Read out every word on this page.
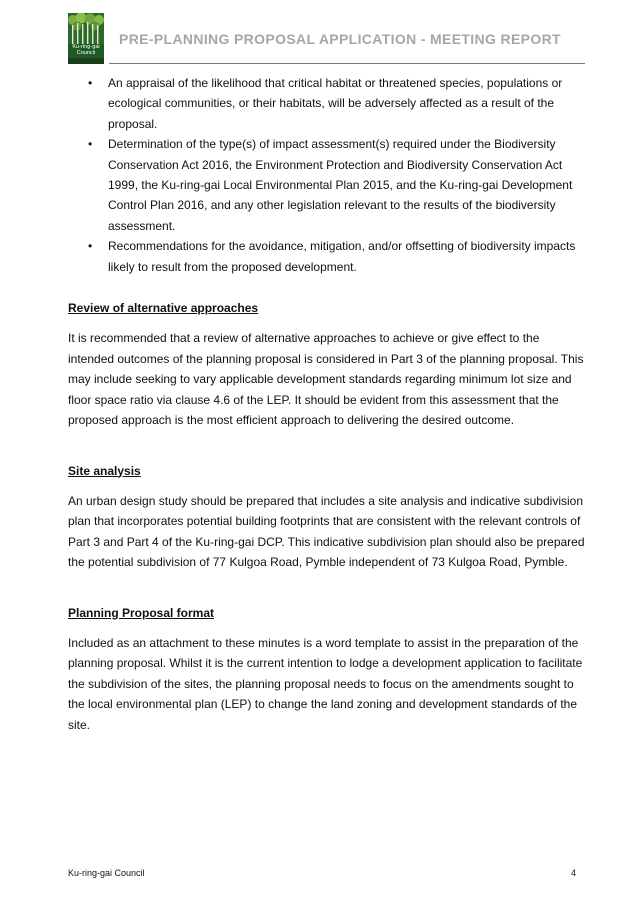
Ku-ring-gai
Council
PRE-PLANNING PROPOSAL APPLICATION - MEETING REPORT
• An appraisal of the likelihood that critical habitat or threatened species, populations or ecological communities, or their habitats, will be adversely affected as a result of the proposal.
• Determination of the type(s) of impact assessment(s) required under the Biodiversity Conservation Act 2016, the Environment Protection and Biodiversity Conservation Act 1999, the Ku-ring-gai Local Environmental Plan 2015, and the Ku-ring-gai Development Control Plan 2016, and any other legislation relevant to the results of the biodiversity assessment.
• Recommendations for the avoidance, mitigation, and/or offsetting of biodiversity impacts likely to result from the proposed development.

Review of alternative approaches

It is recommended that a review of alternative approaches to achieve or give effect to the intended outcomes of the planning proposal is considered in Part 3 of the planning proposal. This may include seeking to vary applicable development standards regarding minimum lot size and floor space ratio via clause 4.6 of the LEP. It should be evident from this assessment that the proposed approach is the most efficient approach to delivering the desired outcome.

Site analysis

An urban design study should be prepared that includes a site analysis and indicative subdivision plan that incorporates potential building footprints that are consistent with the relevant controls of Part 3 and Part 4 of the Ku-ring-gai DCP. This indicative subdivision plan should also be prepared the potential subdivision of 77 Kulgoa Road, Pymble independent of 73 Kulgoa Road, Pymble.

Planning Proposal format

Included as an attachment to these minutes is a word template to assist in the preparation of the planning proposal. Whilst it is the current intention to lodge a development application to facilitate the subdivision of the sites, the planning proposal needs to focus on the amendments sought to the local environmental plan (LEP) to change the land zoning and development standards of the site.

Ku-ring-gai Council	4
